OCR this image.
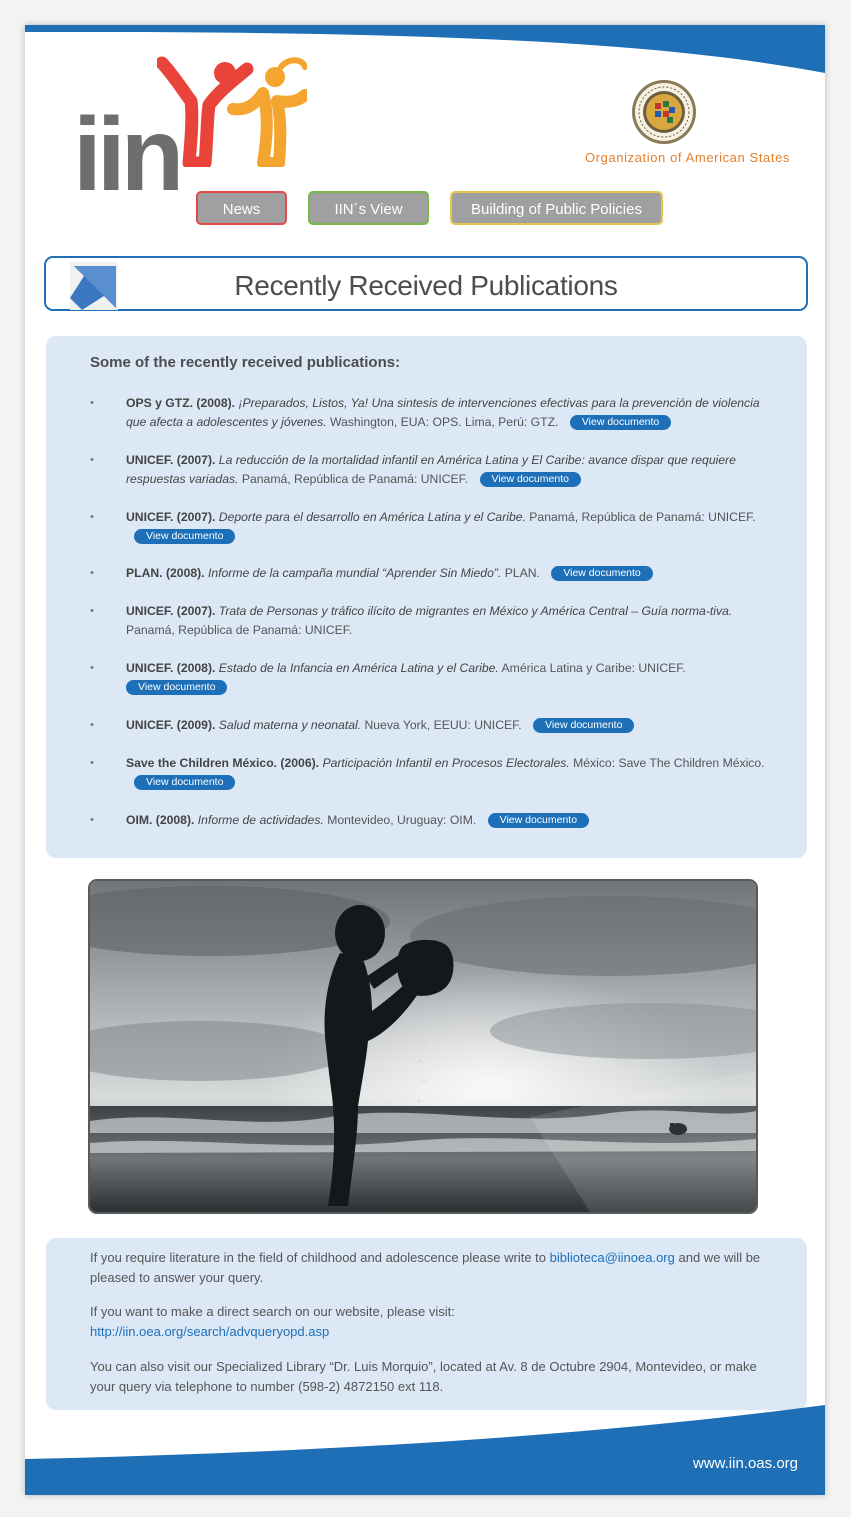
iin	Organization of American States
News	IIN´s View	Building of Public Policies
Recently Received Publications
Some of the recently received publications:
• OPS y GTZ. (2008). ¡Preparados, Listos, Ya! Una sintesis de intervenciones efectivas para la prevención de violencia que afecta a adolescentes y jóvenes. Washington, EUA: OPS. Lima, Perú: GTZ. View documento
• UNICEF. (2007). La reducción de la mortalidad infantil en América Latina y El Caribe: avance dispar que requiere respuestas variadas. Panamá, República de Panamá: UNICEF. View documento
• UNICEF. (2007). Deporte para el desarrollo en América Latina y el Caribe. Panamá, República de Panamá: UNICEF. View documento
• PLAN. (2008). Informe de la campaña mundial “Aprender Sin Miedo”. PLAN. View documento
• UNICEF. (2007). Trata de Personas y tráfico ilícito de migrantes en México y América Central – Guía norma-tiva. Panamá, República de Panamá: UNICEF.
• UNICEF. (2008). Estado de la Infancia en América Latina y el Caribe. América Latina y Caribe: UNICEF. View documento
• UNICEF. (2009). Salud materna y neonatal. Nueva York, EEUU: UNICEF. View documento
• Save the Children México. (2006). Participación Infantil en Procesos Electorales. México: Save The Children México. View documento
• OIM. (2008). Informe de actividades. Montevideo, Uruguay: OIM. View documento

If you require literature in the field of childhood and adolescence please write to biblioteca@iinoea.org and we will be pleased to answer your query.

If you want to make a direct search on our website, please visit:
http://iin.oea.org/search/advqueryopd.asp

You can also visit our Specialized Library “Dr. Luis Morquio”, located at Av. 8 de Octubre 2904, Montevideo, or make your query via telephone to number (598-2) 4872150 ext 118.

www.iin.oas.org
